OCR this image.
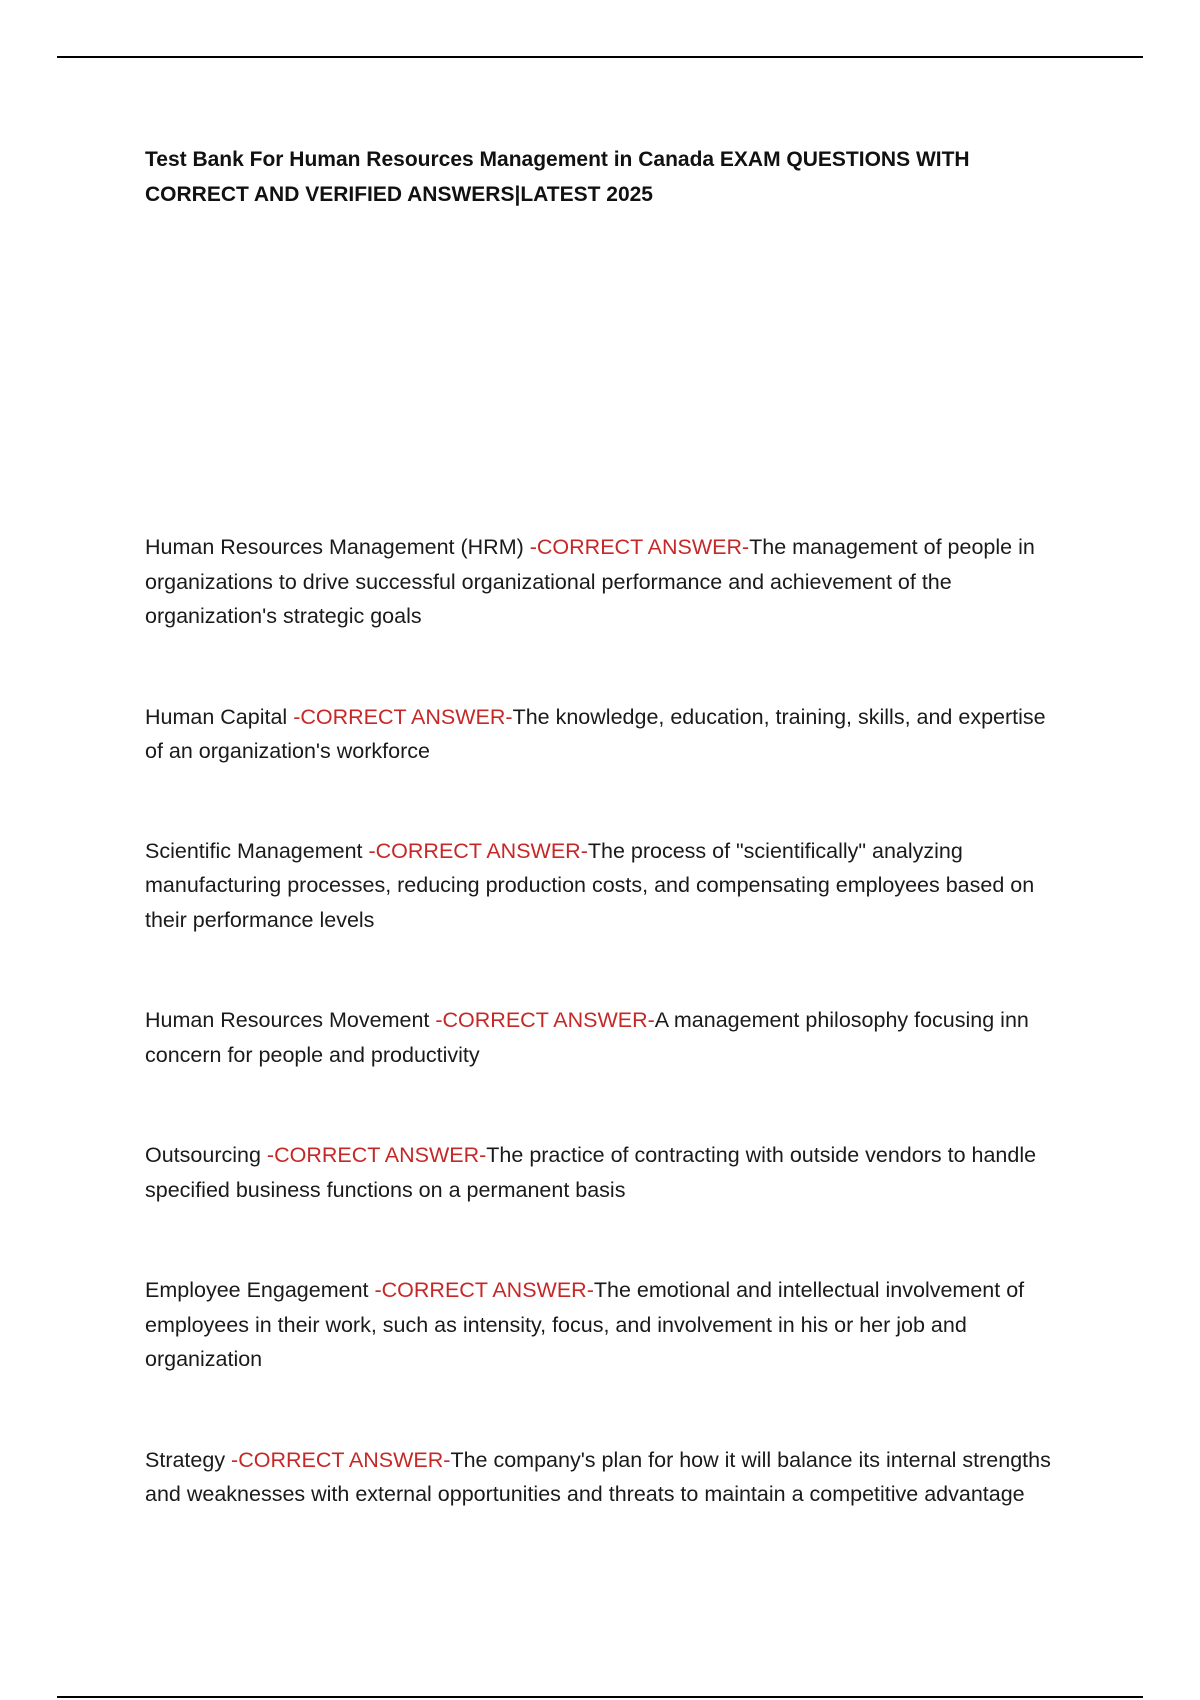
Test Bank For Human Resources Management in Canada EXAM QUESTIONS WITH CORRECT AND VERIFIED ANSWERS|LATEST 2025

Human Resources Management (HRM) -CORRECT ANSWER-The management of people in organizations to drive successful organizational performance and achievement of the organization's strategic goals

Human Capital -CORRECT ANSWER-The knowledge, education, training, skills, and expertise of an organization's workforce

Scientific Management -CORRECT ANSWER-The process of "scientifically" analyzing manufacturing processes, reducing production costs, and compensating employees based on their performance levels

Human Resources Movement -CORRECT ANSWER-A management philosophy focusing inn concern for people and productivity

Outsourcing -CORRECT ANSWER-The practice of contracting with outside vendors to handle specified business functions on a permanent basis

Employee Engagement -CORRECT ANSWER-The emotional and intellectual involvement of employees in their work, such as intensity, focus, and involvement in his or her job and organization

Strategy -CORRECT ANSWER-The company's plan for how it will balance its internal strengths and weaknesses with external opportunities and threats to maintain a competitive advantage
